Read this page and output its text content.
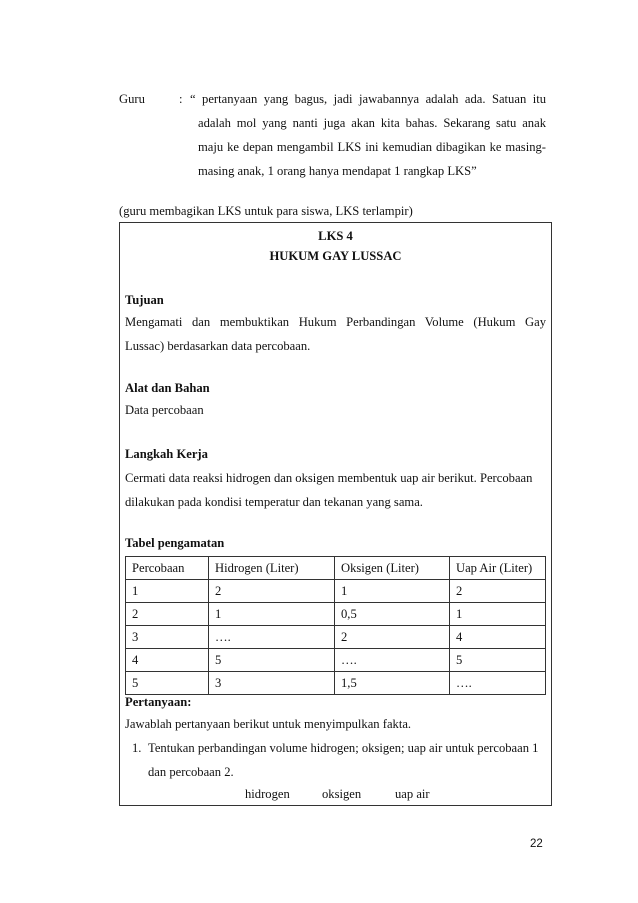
Guru	: “ pertanyaan yang bagus, jadi jawabannya adalah ada. Satuan itu
adalah mol yang nanti juga akan kita bahas. Sekarang satu anak
maju ke depan mengambil LKS ini kemudian dibagikan ke masing-
masing anak, 1 orang hanya mendapat 1 rangkap LKS”
(guru membagikan LKS untuk para siswa, LKS terlampir)
LKS 4
HUKUM GAY LUSSAC
Tujuan
Mengamati dan membuktikan Hukum Perbandingan Volume (Hukum Gay
Lussac) berdasarkan data percobaan.
Alat dan Bahan
Data percobaan
Langkah Kerja
Cermati data reaksi hidrogen dan oksigen membentuk uap air berikut. Percobaan
dilakukan pada kondisi temperatur dan tekanan yang sama.
Tabel pengamatan
Percobaan	Hidrogen (Liter)	Oksigen (Liter)	Uap Air (Liter)
1	2	1	2
2	1	0,5	1
3	….	2	4
4	5	….	5
5	3	1,5	….
Pertanyaan:
Jawablah pertanyaan berikut untuk menyimpulkan fakta.
1. Tentukan perbandingan volume hidrogen; oksigen; uap air untuk percobaan 1
dan percobaan 2.
hidrogen	oksigen	uap air
22
